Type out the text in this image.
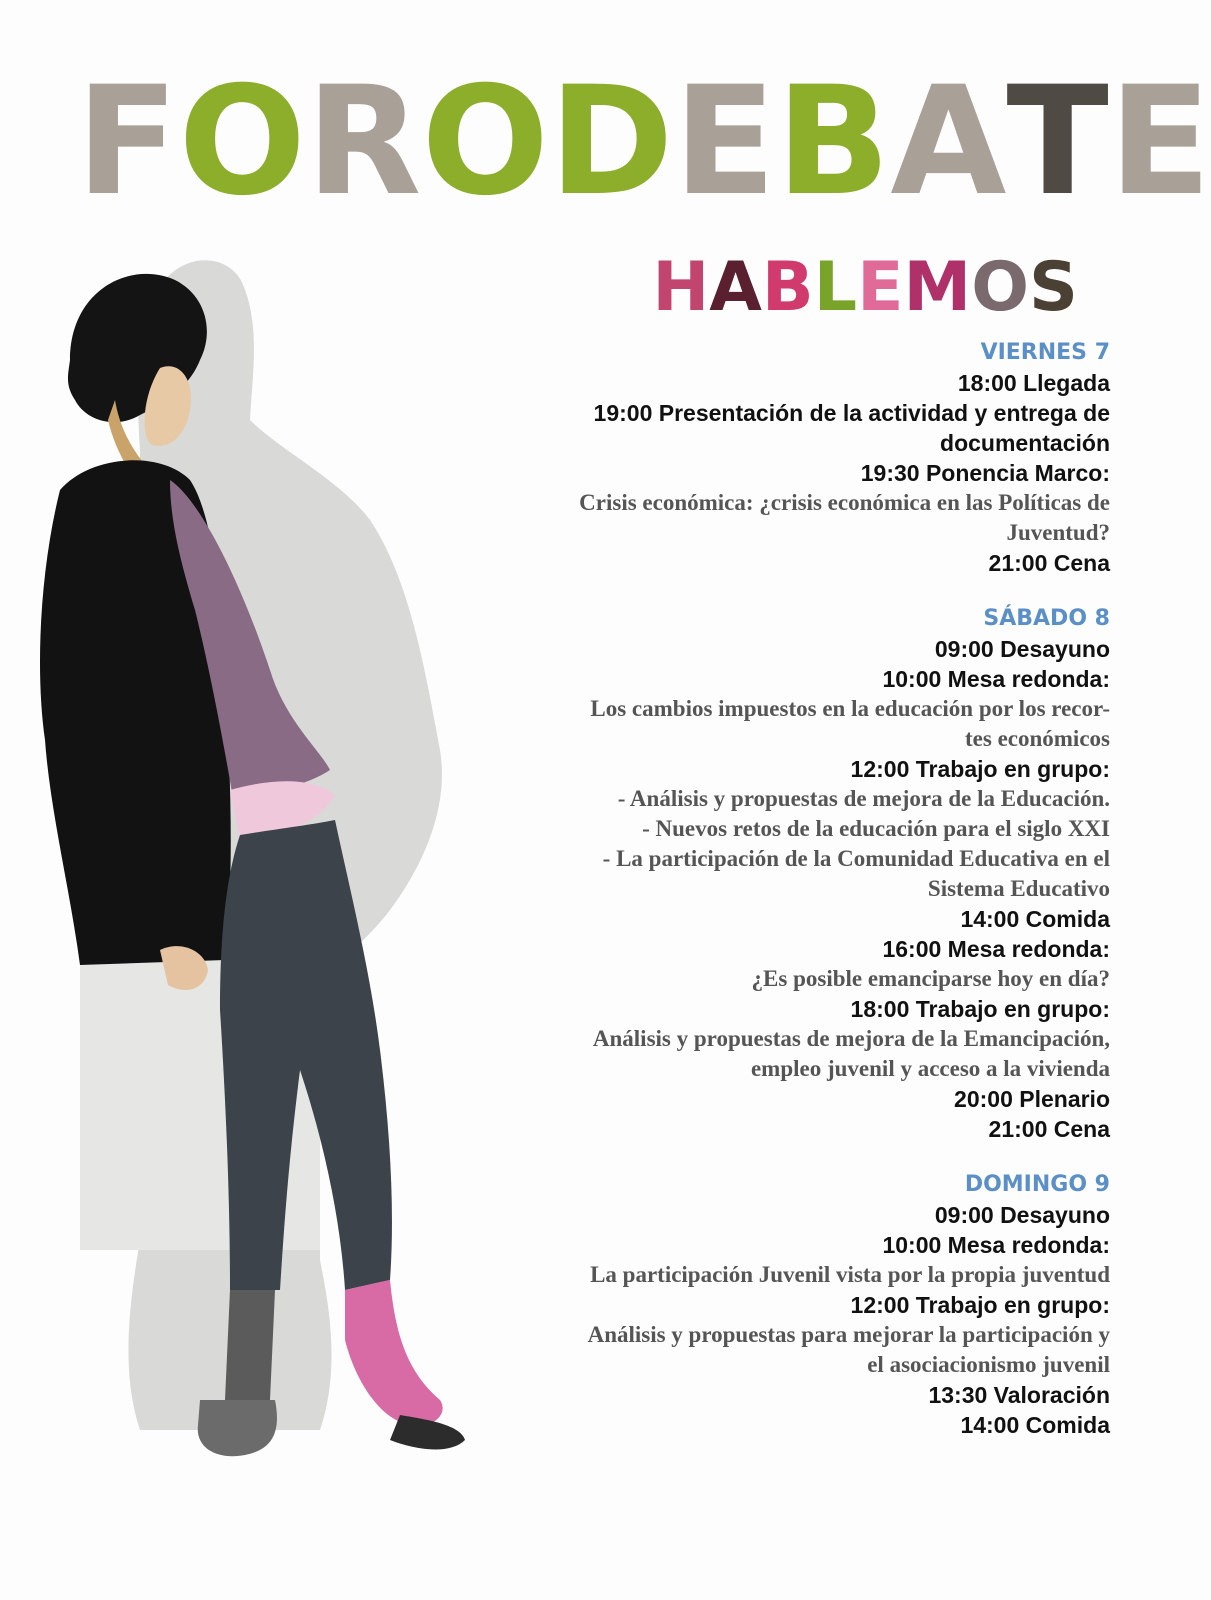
F O R O D E B A T E
H A B L E M O S
VIERNES 7
18:00 Llegada
19:00 Presentación de la actividad y entrega de
documentación
19:30 Ponencia Marco:
Crisis económica: ¿crisis económica en las Políticas de
Juventud?
21:00 Cena
SÁBADO 8
09:00 Desayuno
10:00 Mesa redonda:
Los cambios impuestos en la educación por los recor-
tes económicos
12:00 Trabajo en grupo:
- Análisis y propuestas de mejora de la Educación.
- Nuevos retos de la educación para el siglo XXI
- La participación de la Comunidad Educativa en el
Sistema Educativo
14:00 Comida
16:00 Mesa redonda:
¿Es posible emanciparse hoy en día?
18:00 Trabajo en grupo:
Análisis y propuestas de mejora de la Emancipación,
empleo juvenil y acceso a la vivienda
20:00 Plenario
21:00 Cena
DOMINGO 9
09:00 Desayuno
10:00 Mesa redonda:
La participación Juvenil vista por la propia juventud
12:00 Trabajo en grupo:
Análisis y propuestas para mejorar la participación y
el asociacionismo juvenil
13:30 Valoración
14:00 Comida
